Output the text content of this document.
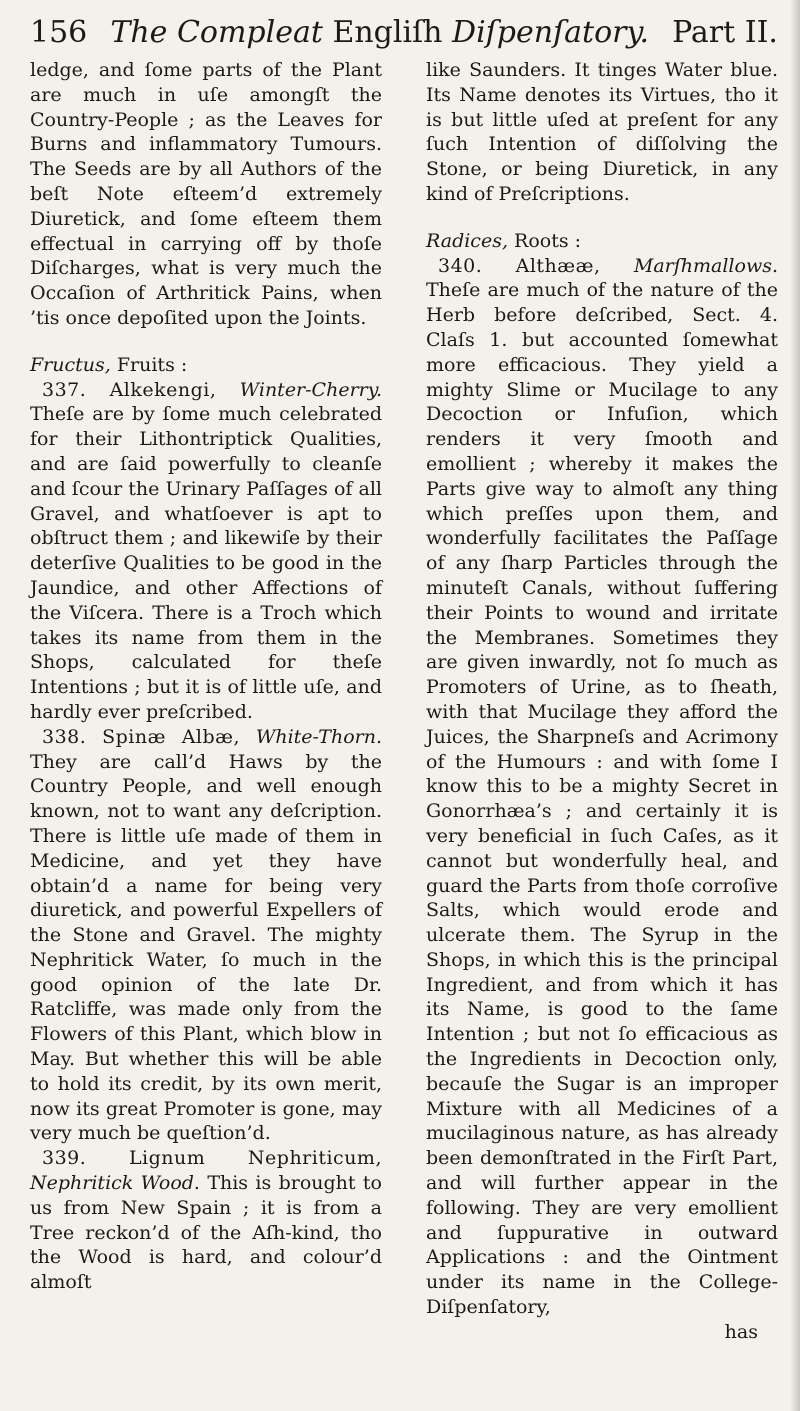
156 The Compleat Engliſh Diſpenſatory. Part II.

ledge, and ſome parts of the Plant are much in uſe amongſt the Country-People ; as the Leaves for Burns and inflammatory Tumours. The Seeds are by all Authors of the beſt Note eſteem’d extremely Diuretick, and ſome eſteem them effectual in carrying off by thoſe Diſcharges, what is very much the Occaſion of Arthritick Pains, when ’tis once depoſited upon the Joints.

Fructus, Fruits :

337. Alkekengi, Winter-Cherry. Theſe are by ſome much celebrated for their Lithontriptick Qualities, and are ſaid powerfully to cleanſe and ſcour the Urinary Paſſages of all Gravel, and whatſoever is apt to obſtruct them ; and likewiſe by their deterſive Qualities to be good in the Jaundice, and other Affections of the Viſcera. There is a Troch which takes its name from them in the Shops, calculated for theſe Intentions ; but it is of little uſe, and hardly ever preſcribed.

338. Spinæ Albæ, White-Thorn. They are call’d Haws by the Country People, and well enough known, not to want any deſcription. There is little uſe made of them in Medicine, and yet they have obtain’d a name for being very diuretick, and powerful Expellers of the Stone and Gravel. The mighty Nephritick Water, ſo much in the good opinion of the late Dr. Ratcliffe, was made only from the Flowers of this Plant, which blow in May. But whether this will be able to hold its credit, by its own merit, now its great Promoter is gone, may very much be queſtion’d.

339. Lignum Nephriticum, Nephritick Wood. This is brought to us from New Spain ; it is from a Tree reckon’d of the Aſh-kind, tho the Wood is hard, and colour’d almoſt

like Saunders. It tinges Water blue. Its Name denotes its Virtues, tho it is but little uſed at preſent for any ſuch Intention of diſſolving the Stone, or being Diuretick, in any kind of Preſcriptions.

Radices, Roots :

340. Althææ, Marſhmallows. Theſe are much of the nature of the Herb before deſcribed, Sect. 4. Claſs 1. but accounted ſomewhat more efficacious. They yield a mighty Slime or Mucilage to any Decoction or Infuſion, which renders it very ſmooth and emollient ; whereby it makes the Parts give way to almoſt any thing which preſſes upon them, and wonderfully facilitates the Paſſage of any ſharp Particles through the minuteſt Canals, without ſuffering their Points to wound and irritate the Membranes. Sometimes they are given inwardly, not ſo much as Promoters of Urine, as to ſheath, with that Mucilage they afford the Juices, the Sharpneſs and Acrimony of the Humours : and with ſome I know this to be a mighty Secret in Gonorrhæa’s ; and certainly it is very beneficial in ſuch Caſes, as it cannot but wonderfully heal, and guard the Parts from thoſe corroſive Salts, which would erode and ulcerate them. The Syrup in the Shops, in which this is the principal Ingredient, and from which it has its Name, is good to the ſame Intention ; but not ſo efficacious as the Ingredients in Decoction only, becauſe the Sugar is an improper Mixture with all Medicines of a mucilaginous nature, as has already been demonſtrated in the Firſt Part, and will further appear in the following. They are very emollient and ſuppurative in outward Applications : and the Ointment under its name in the College-Diſpenſatory,

has
